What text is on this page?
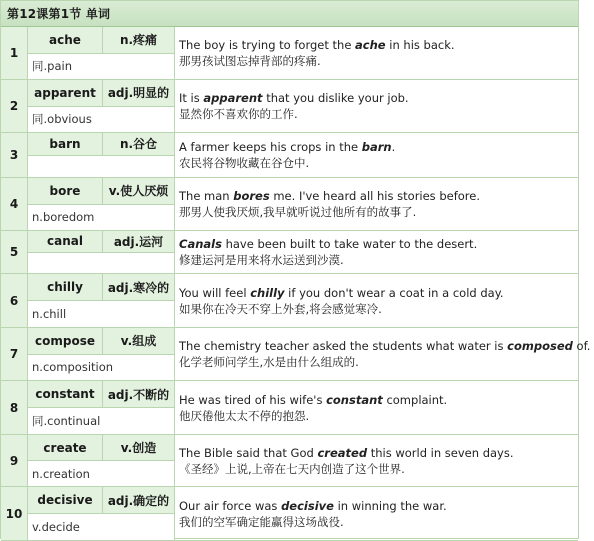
第12课第1节 单词
1
ache	n.疼痛
同.pain
The boy is trying to forget the ache in his back.
那男孩试图忘掉背部的疼痛.
2
apparent adj.明显的
同.obvious
It is apparent that you dislike your job.
显然你不喜欢你的工作.
3
barn	n.谷仓	A farmer keeps his crops in the barn.
农民将谷物收藏在谷仓中.
4
bore	v.使人厌烦
n.boredom
The man bores me. I've heard all his stories before.
那男人使我厌烦,我早就听说过他所有的故事了.
5
canal	adj.运河	Canals have been built to take water to the desert.
修建运河是用来将水运送到沙漠.
6
chilly	adj.寒冷的
n.chill
You will feel chilly if you don't wear a coat in a cold day.
如果你在冷天不穿上外套,将会感觉寒冷.
7
compose	v.组成
n.composition
The chemistry teacher asked the students what water is composed of.
化学老师问学生,水是由什么组成的.
8
constant	adj.不断的
同.continual
He was tired of his wife's constant complaint.
他厌倦他太太不停的抱怨.
9
create	v.创造
n.creation
The Bible said that God created this world in seven days.
《圣经》上说,上帝在七天内创造了这个世界.
10
decisive	adj.确定的
v.decide
Our air force was decisive in winning the war.
我们的空军确定能赢得这场战役.
